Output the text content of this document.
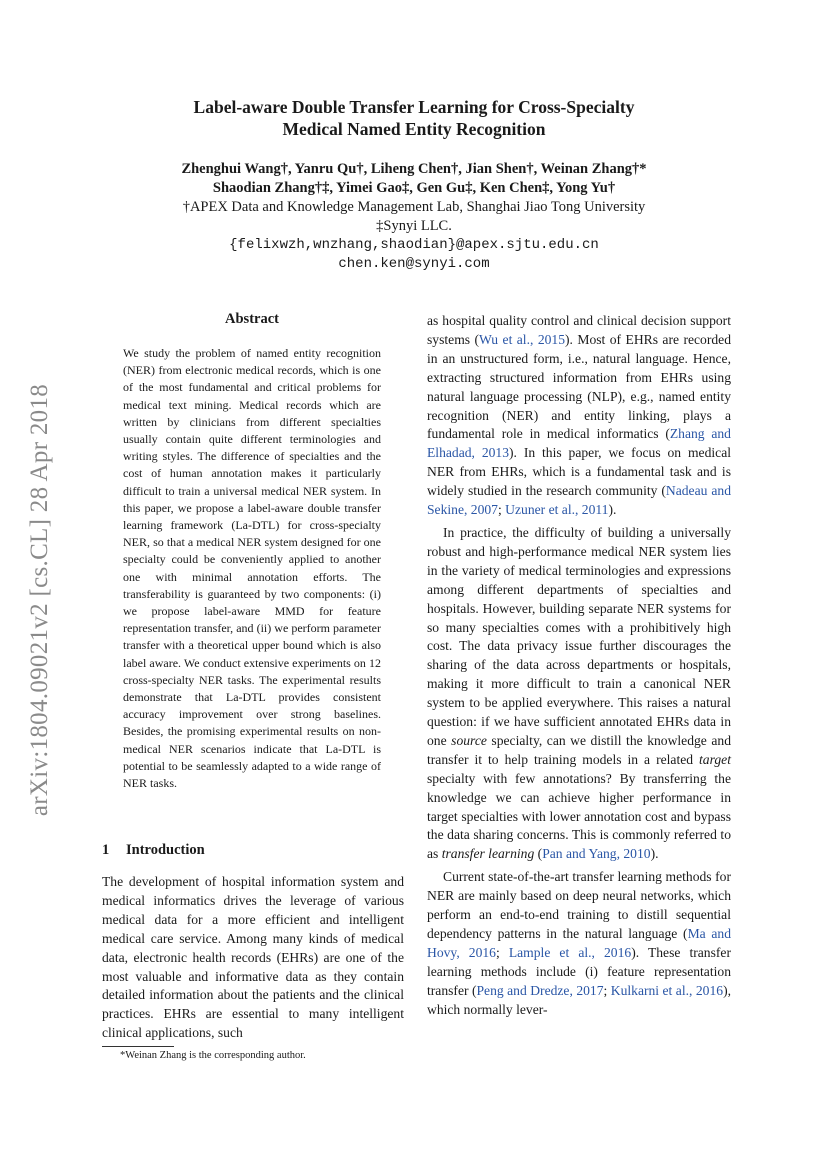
arXiv:1804.09021v2 [cs.CL] 28 Apr 2018
Label-aware Double Transfer Learning for Cross-Specialty
Medical Named Entity Recognition
Zhenghui Wang†, Yanru Qu†, Liheng Chen†, Jian Shen†, Weinan Zhang†*
Shaodian Zhang†‡, Yimei Gao‡, Gen Gu‡, Ken Chen‡, Yong Yu†
†APEX Data and Knowledge Management Lab, Shanghai Jiao Tong University
‡Synyi LLC.
{felixwzh,wnzhang,shaodian}@apex.sjtu.edu.cn
chen.ken@synyi.com
Abstract
We study the problem of named entity recognition (NER) from electronic medical records, which is one of the most fundamental and critical problems for medical text mining. Medical records which are written by clinicians from different specialties usually contain quite different terminologies and writing styles. The difference of specialties and the cost of human annotation makes it particularly difficult to train a universal medical NER system. In this paper, we propose a label-aware double transfer learning framework (La-DTL) for cross-specialty NER, so that a medical NER system designed for one specialty could be conveniently applied to another one with minimal annotation efforts. The transferability is guaranteed by two components: (i) we propose label-aware MMD for feature representation transfer, and (ii) we perform parameter transfer with a theoretical upper bound which is also label aware. We conduct extensive experiments on 12 cross-specialty NER tasks. The experimental results demonstrate that La-DTL provides consistent accuracy improvement over strong baselines. Besides, the promising experimental results on non-medical NER scenarios indicate that La-DTL is potential to be seamlessly adapted to a wide range of NER tasks.
1 Introduction

The development of hospital information system and medical informatics drives the leverage of various medical data for a more efficient and intelligent medical care service. Among many kinds of medical data, electronic health records (EHRs) are one of the most valuable and informative data as they contain detailed information about the patients and the clinical practices. EHRs are essential to many intelligent clinical applications, such

as hospital quality control and clinical decision support systems (Wu et al., 2015). Most of EHRs are recorded in an unstructured form, i.e., natural language. Hence, extracting structured information from EHRs using natural language processing (NLP), e.g., named entity recognition (NER) and entity linking, plays a fundamental role in medical informatics (Zhang and Elhadad, 2013). In this paper, we focus on medical NER from EHRs, which is a fundamental task and is widely studied in the research community (Nadeau and Sekine, 2007; Uzuner et al., 2011).

In practice, the difficulty of building a universally robust and high-performance medical NER system lies in the variety of medical terminologies and expressions among different departments of specialties and hospitals. However, building separate NER systems for so many specialties comes with a prohibitively high cost. The data privacy issue further discourages the sharing of the data across departments or hospitals, making it more difficult to train a canonical NER system to be applied everywhere. This raises a natural question: if we have sufficient annotated EHRs data in one source specialty, can we distill the knowledge and transfer it to help training models in a related target specialty with few annotations? By transferring the knowledge we can achieve higher performance in target specialties with lower annotation cost and bypass the data sharing concerns. This is commonly referred to as transfer learning (Pan and Yang, 2010).

Current state-of-the-art transfer learning methods for NER are mainly based on deep neural networks, which perform an end-to-end training to distill sequential dependency patterns in the natural language (Ma and Hovy, 2016; Lample et al., 2016). These transfer learning methods include (i) feature representation transfer (Peng and Dredze, 2017; Kulkarni et al., 2016), which normally lever-

*Weinan Zhang is the corresponding author.
